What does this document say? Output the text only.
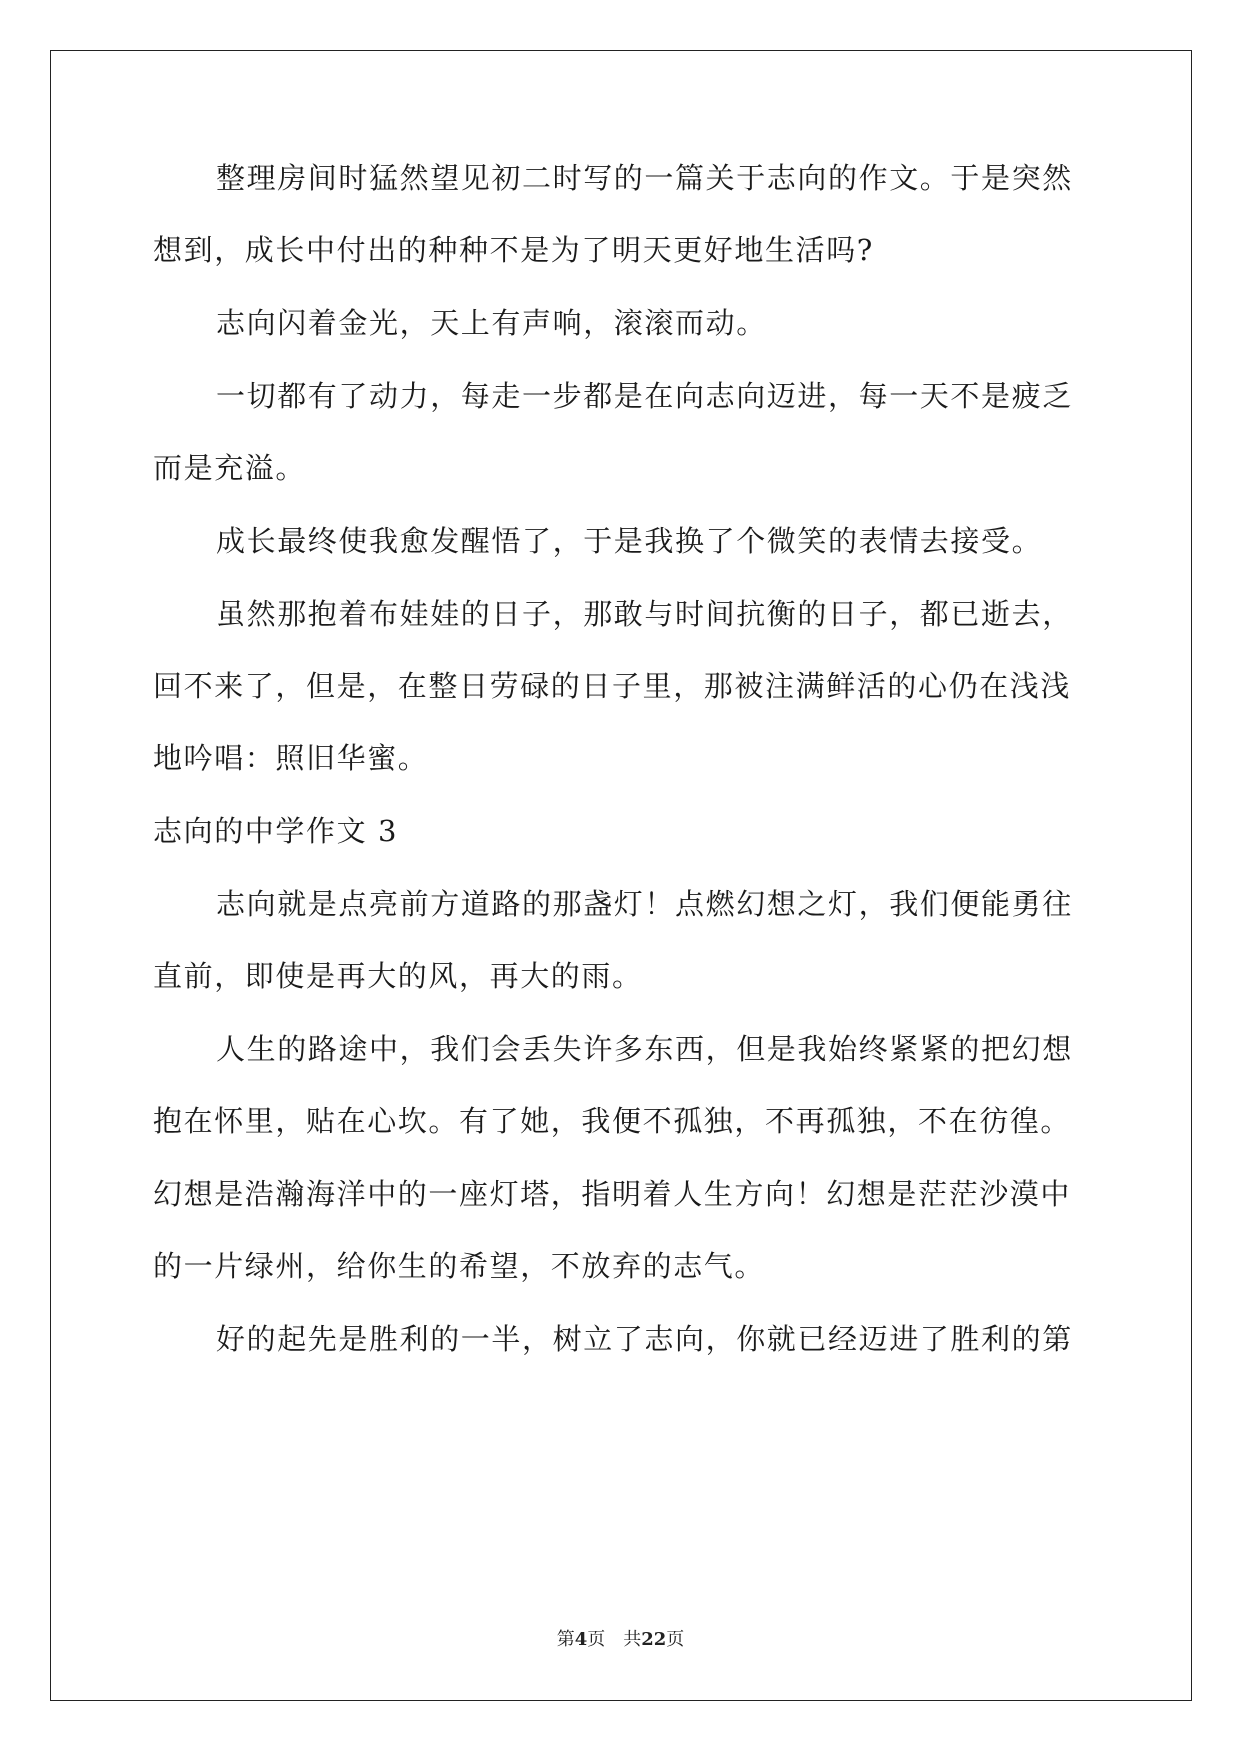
整理房间时猛然望见初二时写的一篇关于志向的作文。于是突然
想到，成长中付出的种种不是为了明天更好地生活吗?
志向闪着金光，天上有声响，滚滚而动。
一切都有了动力，每走一步都是在向志向迈进，每一天不是疲乏
而是充溢。
成长最终使我愈发醒悟了，于是我换了个微笑的表情去接受。
虽然那抱着布娃娃的日子，那敢与时间抗衡的日子，都已逝去，
回不来了，但是，在整日劳碌的日子里，那被注满鲜活的心仍在浅浅
地吟唱：照旧华蜜。
志向的中学作文 3
志向就是点亮前方道路的那盏灯！点燃幻想之灯，我们便能勇往
直前，即使是再大的风，再大的雨。
人生的路途中，我们会丢失许多东西，但是我始终紧紧的把幻想
抱在怀里，贴在心坎。有了她，我便不孤独，不再孤独，不在彷徨。
幻想是浩瀚海洋中的一座灯塔，指明着人生方向！幻想是茫茫沙漠中
的一片绿州，给你生的希望，不放弃的志气。
好的起先是胜利的一半，树立了志向，你就已经迈进了胜利的第
第4页　共22页
